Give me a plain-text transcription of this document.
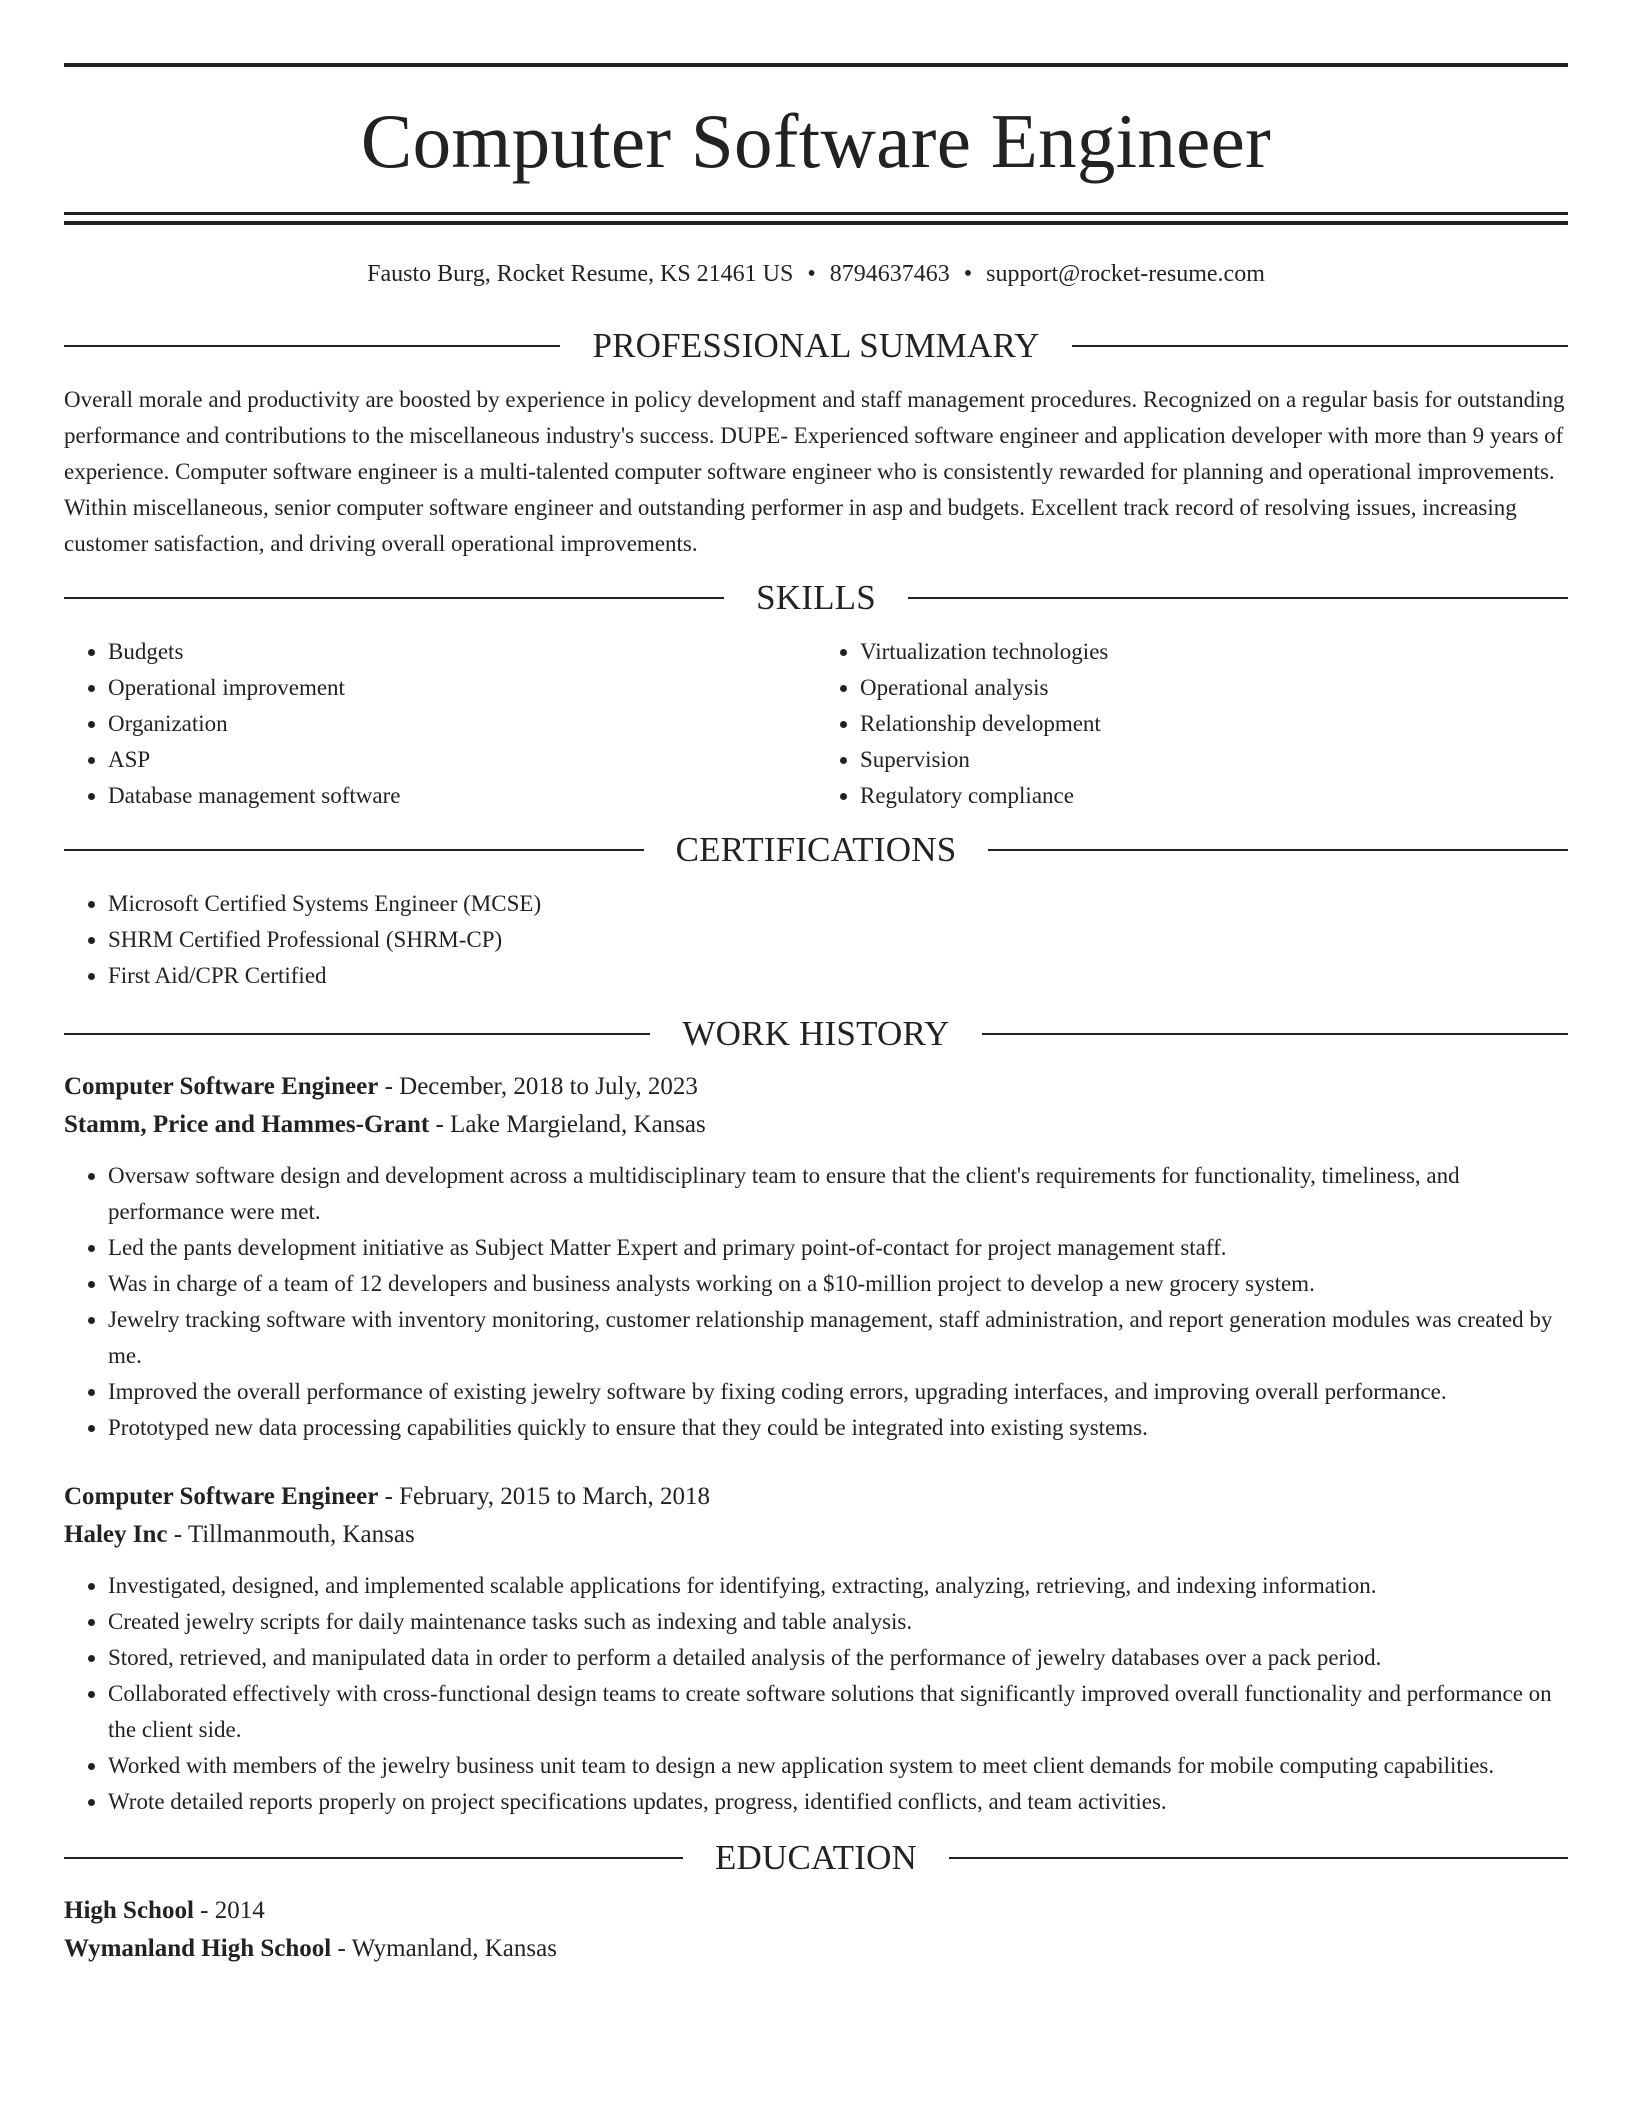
Computer Software Engineer
Fausto Burg, Rocket Resume, KS 21461 US • 8794637463 • support@rocket-resume.com
PROFESSIONAL SUMMARY

Overall morale and productivity are boosted by experience in policy development and staff management procedures. Recognized on a regular basis for outstanding performance and contributions to the miscellaneous industry's success. DUPE- Experienced software engineer and application developer with more than 9 years of experience. Computer software engineer is a multi-talented computer software engineer who is consistently rewarded for planning and operational improvements. Within miscellaneous, senior computer software engineer and outstanding performer in asp and budgets. Excellent track record of resolving issues, increasing customer satisfaction, and driving overall operational improvements.

SKILLS
• Budgets
• Operational improvement
• Organization
• ASP
• Database management software
• Virtualization technologies
• Operational analysis
• Relationship development
• Supervision
• Regulatory compliance
CERTIFICATIONS
• Microsoft Certified Systems Engineer (MCSE)
• SHRM Certified Professional (SHRM-CP)
• First Aid/CPR Certified
WORK HISTORY
Computer Software Engineer - December, 2018 to July, 2023
Stamm, Price and Hammes-Grant - Lake Margieland, Kansas
• Oversaw software design and development across a multidisciplinary team to ensure that the client's requirements for functionality, timeliness, and performance were met.
• Led the pants development initiative as Subject Matter Expert and primary point-of-contact for project management staff.
• Was in charge of a team of 12 developers and business analysts working on a $10-million project to develop a new grocery system.
• Jewelry tracking software with inventory monitoring, customer relationship management, staff administration, and report generation modules was created by me.
• Improved the overall performance of existing jewelry software by fixing coding errors, upgrading interfaces, and improving overall performance.
• Prototyped new data processing capabilities quickly to ensure that they could be integrated into existing systems.
Computer Software Engineer - February, 2015 to March, 2018
Haley Inc - Tillmanmouth, Kansas
• Investigated, designed, and implemented scalable applications for identifying, extracting, analyzing, retrieving, and indexing information.
• Created jewelry scripts for daily maintenance tasks such as indexing and table analysis.
• Stored, retrieved, and manipulated data in order to perform a detailed analysis of the performance of jewelry databases over a pack period.
• Collaborated effectively with cross-functional design teams to create software solutions that significantly improved overall functionality and performance on the client side.
• Worked with members of the jewelry business unit team to design a new application system to meet client demands for mobile computing capabilities.
• Wrote detailed reports properly on project specifications updates, progress, identified conflicts, and team activities.
EDUCATION
High School - 2014
Wymanland High School - Wymanland, Kansas
